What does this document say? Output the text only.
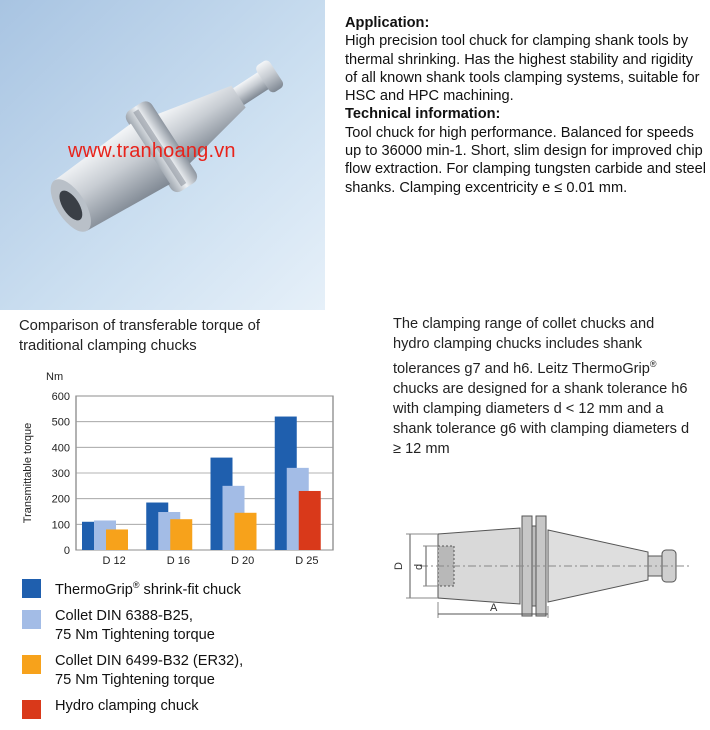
www.tranhoang.vn

Application:

High precision tool chuck for clamping shank tools by thermal shrinking. Has the highest stability and rigidity of all known shank tools clamping systems, suitable for HSC and HPC machining.

Technical information:

Tool chuck for high performance. Balanced for speeds up to 36000 min-1. Short, slim design for improved chip flow extraction. For clamping tungsten carbide and steel shanks. Clamping excentricity e ≤ 0.01 mm.

Comparison of transferable torque of traditional clamping chucks
The clamping range of collet chucks and hydro clamping chucks includes shank tolerances g7 and h6. Leitz ThermoGrip® chucks are designed for a shank tolerance h6 with clamping diameters d < 12 mm and a shank tolerance g6 with clamping diameters d ≥ 12 mm
0
100
200
300
400
500
600
Nm
Transmittable torque
D 12	D 16	D 20	D 25
ThermoGrip® shrink-fit chuck
Collet DIN 6388-B25,
75 Nm Tightening torque
Collet DIN 6499-B32 (ER32),
75 Nm Tightening torque
Hydro clamping chuck
D d
A
